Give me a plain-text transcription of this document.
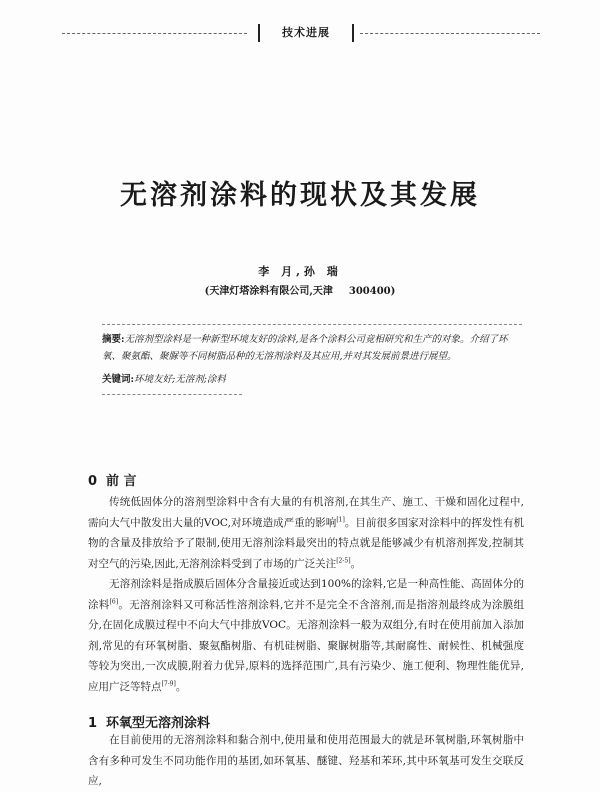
技术进展
无溶剂涂料的现状及其发展
李 月,孙 瑞
(天津灯塔涂料有限公司,天津 300400)
摘要:无溶剂型涂料是一种新型环境友好的涂料,是各个涂料公司竞相研究和生产的对象。介绍了环氧、聚氨酯、聚脲等不同树脂品种的无溶剂涂料及其应用,并对其发展前景进行展望。
关键词:环境友好;无溶剂;涂料
0 前 言

传统低固体分的溶剂型涂料中含有大量的有机溶剂,在其生产、施工、干燥和固化过程中,需向大气中散发出大量的VOC,对环境造成严重的影响[1]。目前很多国家对涂料中的挥发性有机物的含量及排放给予了限制,使用无溶剂涂料最突出的特点就是能够减少有机溶剂挥发,控制其对空气的污染,因此,无溶剂涂料受到了市场的广泛关注[2-5]。

无溶剂涂料是指成膜后固体分含量接近或达到100%的涂料,它是一种高性能、高固体分的涂料[6]。无溶剂涂料又可称活性溶剂涂料,它并不是完全不含溶剂,而是指溶剂最终成为涂膜组分,在固化成膜过程中不向大气中排放VOC。无溶剂涂料一般为双组分,有时在使用前加入添加剂,常见的有环氧树脂、聚氨酯树脂、有机硅树脂、聚脲树脂等,其耐腐性、耐候性、机械强度等较为突出,一次成膜,附着力优异,原料的选择范围广,具有污染少、施工便利、物理性能优异,应用广泛等特点[7-9]。

1 环氧型无溶剂涂料

在目前使用的无溶剂涂料和黏合剂中,使用量和使用范围最大的就是环氧树脂,环氧树脂中含有多种可发生不同功能作用的基团,如环氧基、醚键、羟基和苯环,其中环氧基可发生交联反应,
